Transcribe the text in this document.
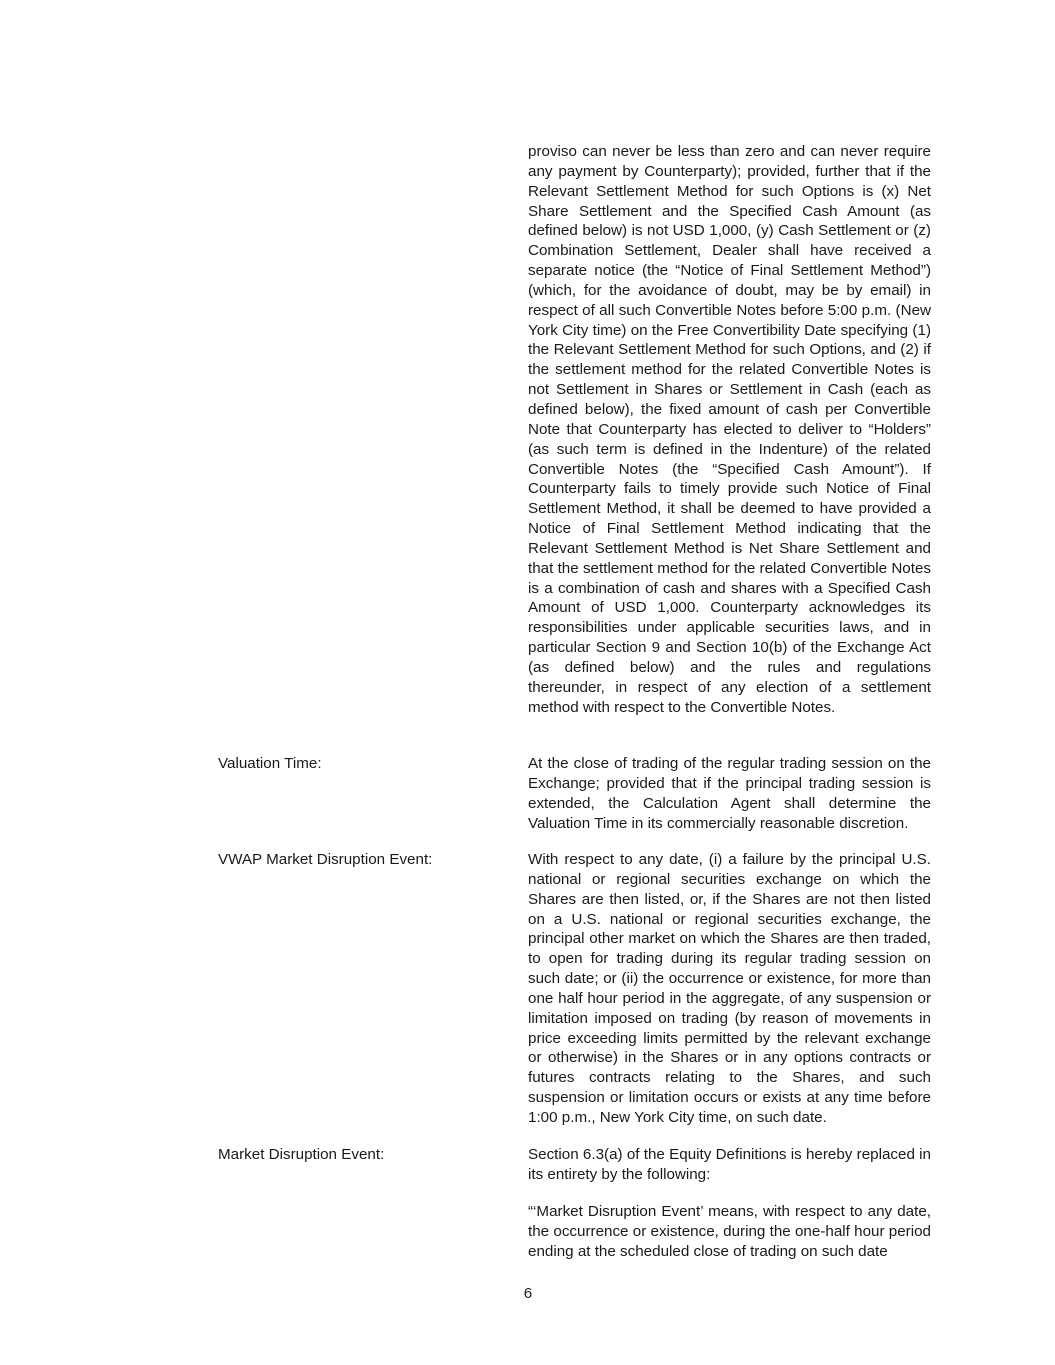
proviso can never be less than zero and can never require any payment by Counterparty); provided, further that if the Relevant Settlement Method for such Options is (x) Net Share Settlement and the Specified Cash Amount (as defined below) is not USD 1,000, (y) Cash Settlement or (z) Combination Settlement, Dealer shall have received a separate notice (the “Notice of Final Settlement Method”) (which, for the avoidance of doubt, may be by email) in respect of all such Convertible Notes before 5:00 p.m. (New York City time) on the Free Convertibility Date specifying (1) the Relevant Settlement Method for such Options, and (2) if the settlement method for the related Convertible Notes is not Settlement in Shares or Settlement in Cash (each as defined below), the fixed amount of cash per Convertible Note that Counterparty has elected to deliver to “Holders” (as such term is defined in the Indenture) of the related Convertible Notes (the “Specified Cash Amount”). If Counterparty fails to timely provide such Notice of Final Settlement Method, it shall be deemed to have provided a Notice of Final Settlement Method indicating that the Relevant Settlement Method is Net Share Settlement and that the settlement method for the related Convertible Notes is a combination of cash and shares with a Specified Cash Amount of USD 1,000. Counterparty acknowledges its responsibilities under applicable securities laws, and in particular Section 9 and Section 10(b) of the Exchange Act (as defined below) and the rules and regulations thereunder, in respect of any election of a settlement method with respect to the Convertible Notes.

Valuation Time:	At the close of trading of the regular trading session on the Exchange; provided that if the principal trading session is extended, the Calculation Agent shall determine the Valuation Time in its commercially reasonable discretion.

VWAP Market Disruption Event:	With respect to any date, (i) a failure by the principal U.S. national or regional securities exchange on which the Shares are then listed, or, if the Shares are not then listed on a U.S. national or regional securities exchange, the principal other market on which the Shares are then traded, to open for trading during its regular trading session on such date; or (ii) the occurrence or existence, for more than one half hour period in the aggregate, of any suspension or limitation imposed on trading (by reason of movements in price exceeding limits permitted by the relevant exchange or otherwise) in the Shares or in any options contracts or futures contracts relating to the Shares, and such suspension or limitation occurs or exists at any time before 1:00 p.m., New York City time, on such date.

Market Disruption Event:	Section 6.3(a) of the Equity Definitions is hereby replaced in its entirety by the following:

“‘Market Disruption Event’ means, with respect to any date, the occurrence or existence, during the one-half hour period ending at the scheduled close of trading on such date

6
